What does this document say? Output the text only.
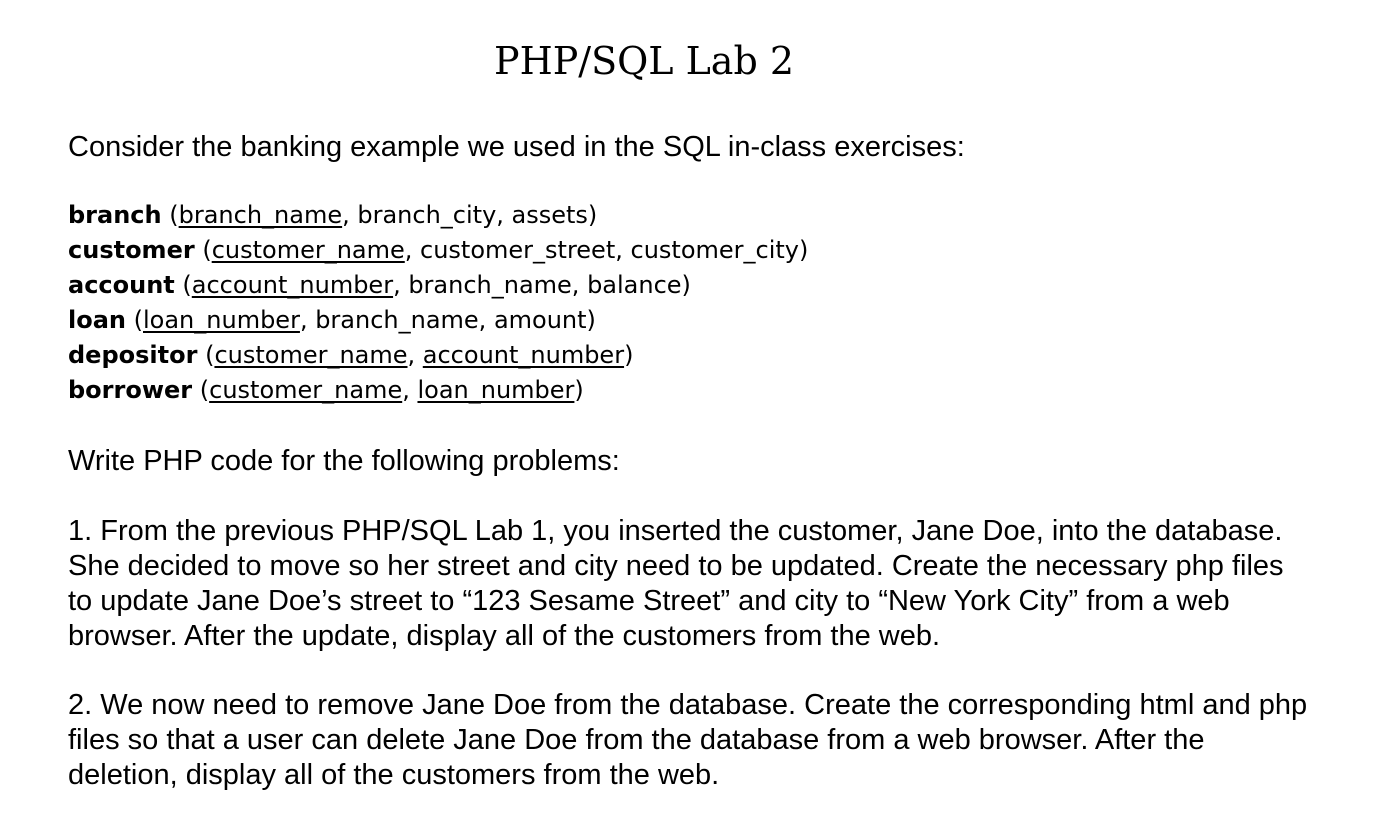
PHP/SQL Lab 2
Consider the banking example we used in the SQL in-class exercises:
branch (branch_name, branch_city, assets)
customer (customer_name, customer_street, customer_city)
account (account_number, branch_name, balance)
loan (loan_number, branch_name, amount)
depositor (customer_name, account_number)
borrower (customer_name, loan_number)
Write PHP code for the following problems:
1. From the previous PHP/SQL Lab 1, you inserted the customer, Jane Doe, into the database.
She decided to move so her street and city need to be updated. Create the necessary php files
to update Jane Doe’s street to “123 Sesame Street” and city to “New York City” from a web
browser. After the update, display all of the customers from the web.
2. We now need to remove Jane Doe from the database. Create the corresponding html and php
files so that a user can delete Jane Doe from the database from a web browser. After the
deletion, display all of the customers from the web.
